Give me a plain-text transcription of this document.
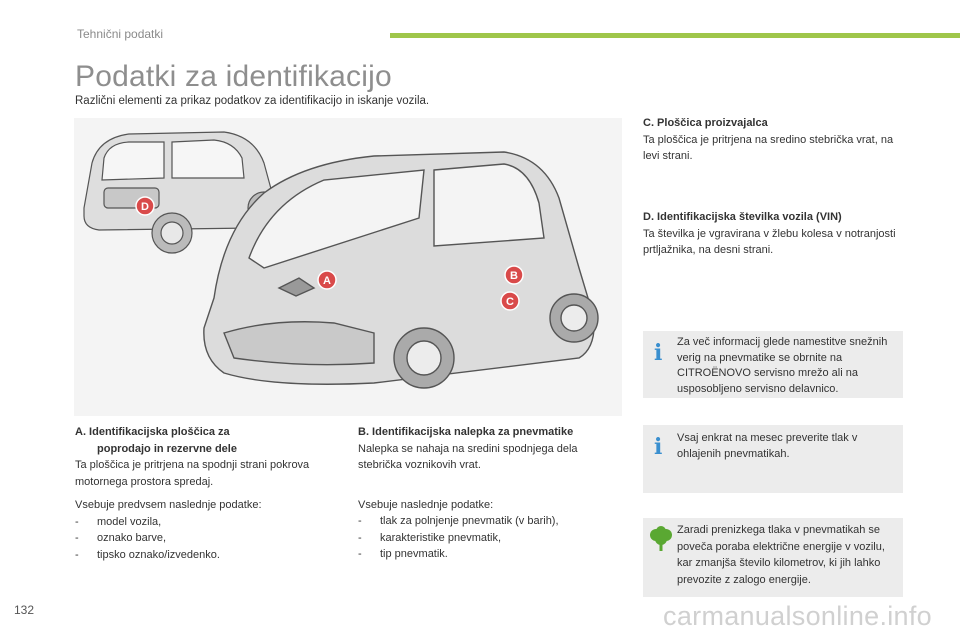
Tehnični podatki
Podatki za identifikacijo
Različni elementi za prikaz podatkov za identifikacijo in iskanje vozila.
A	B
C
D
A. Identifikacijska ploščica za
poprodajo in rezervne dele
Ta ploščica je pritrjena na spodnji strani pokrova motornega prostora spredaj.
Vsebuje predvsem naslednje podatke:
- model vozila,
- oznako barve,
- tipsko oznako/izvedenko.
B. Identifikacijska nalepka za pnevmatike
Nalepka se nahaja na sredini spodnjega dela stebrička voznikovih vrat.
Vsebuje naslednje podatke:
- tlak za polnjenje pnevmatik (v barih),
- karakteristike pnevmatik,
- tip pnevmatik.
C. Ploščica proizvajalca
Ta ploščica je pritrjena na sredino stebrička vrat, na levi strani.
D. Identifikacijska številka vozila (VIN)
Ta številka je vgravirana v žlebu kolesa v notranjosti prtljažnika, na desni strani.
i Za več informacij glede namestitve snežnih verig na pnevmatike se obrnite na CITROËNOVO servisno mrežo ali na usposobljeno servisno delavnico.
i Vsaj enkrat na mesec preverite tlak v ohlajenih pnevmatikah.
Zaradi prenizkega tlaka v pnevmatikah se poveča poraba električne energije v vozilu, kar zmanjša število kilometrov, ki jih lahko prevozite z zalogo energije.
132	carmanualsonline.info
